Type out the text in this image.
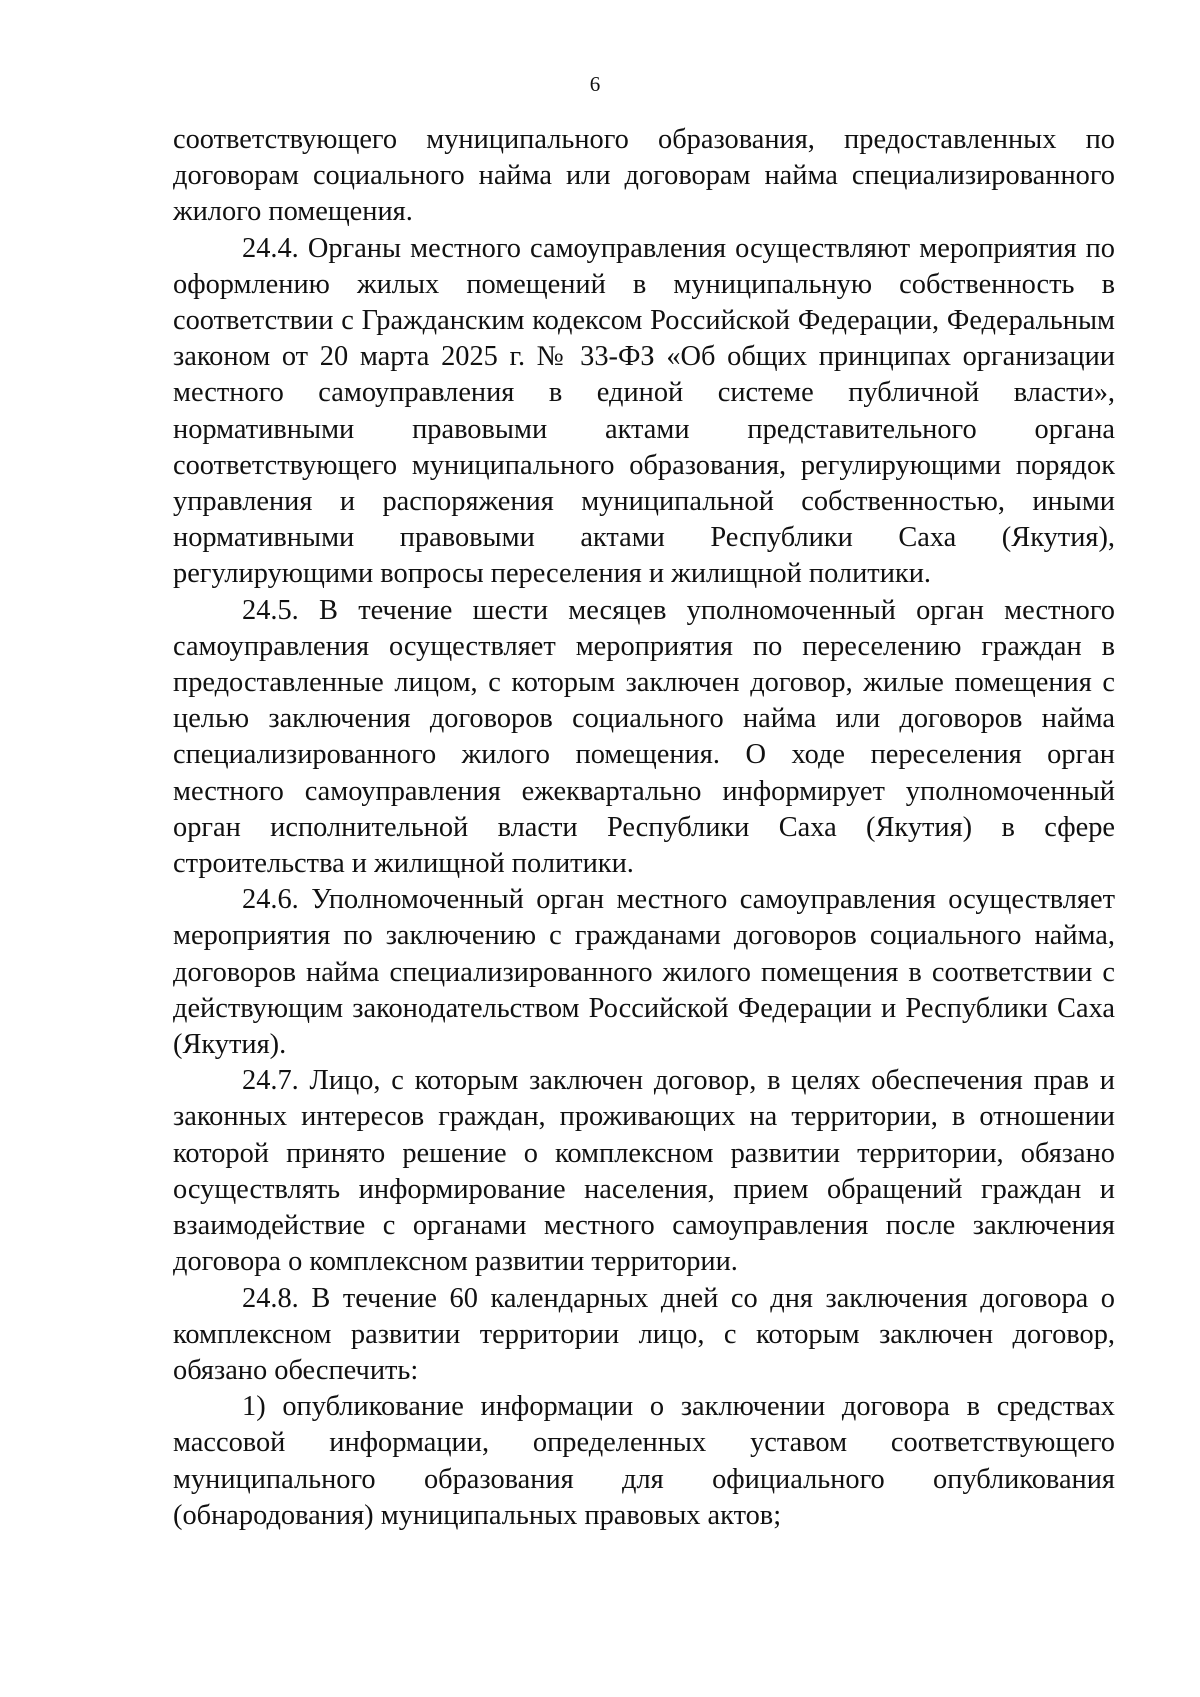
6

соответствующего муниципального образования, предоставленных по договорам социального найма или договорам найма специализированного жилого помещения.

24.4. Органы местного самоуправления осуществляют мероприятия по оформлению жилых помещений в муниципальную собственность в соответствии с Гражданским кодексом Российской Федерации, Федеральным законом от 20 марта 2025 г. № 33-ФЗ «Об общих принципах организации местного самоуправления в единой системе публичной власти», нормативными правовыми актами представительного органа соответствующего муниципального образования, регулирующими порядок управления и распоряжения муниципальной собственностью, иными нормативными правовыми актами Республики Саха (Якутия), регулирующими вопросы переселения и жилищной политики.

24.5. В течение шести месяцев уполномоченный орган местного самоуправления осуществляет мероприятия по переселению граждан в предоставленные лицом, с которым заключен договор, жилые помещения с целью заключения договоров социального найма или договоров найма специализированного жилого помещения. О ходе переселения орган местного самоуправления ежеквартально информирует уполномоченный орган исполнительной власти Республики Саха (Якутия) в сфере строительства и жилищной политики.

24.6. Уполномоченный орган местного самоуправления осуществляет мероприятия по заключению с гражданами договоров социального найма, договоров найма специализированного жилого помещения в соответствии с действующим законодательством Российской Федерации и Республики Саха (Якутия).

24.7. Лицо, с которым заключен договор, в целях обеспечения прав и законных интересов граждан, проживающих на территории, в отношении которой принято решение о комплексном развитии территории, обязано осуществлять информирование населения, прием обращений граждан и взаимодействие с органами местного самоуправления после заключения договора о комплексном развитии территории.

24.8. В течение 60 календарных дней со дня заключения договора о комплексном развитии территории лицо, с которым заключен договор, обязано обеспечить:

1) опубликование информации о заключении договора в средствах массовой информации, определенных уставом соответствующего муниципального образования для официального опубликования (обнародования) муниципальных правовых актов;
